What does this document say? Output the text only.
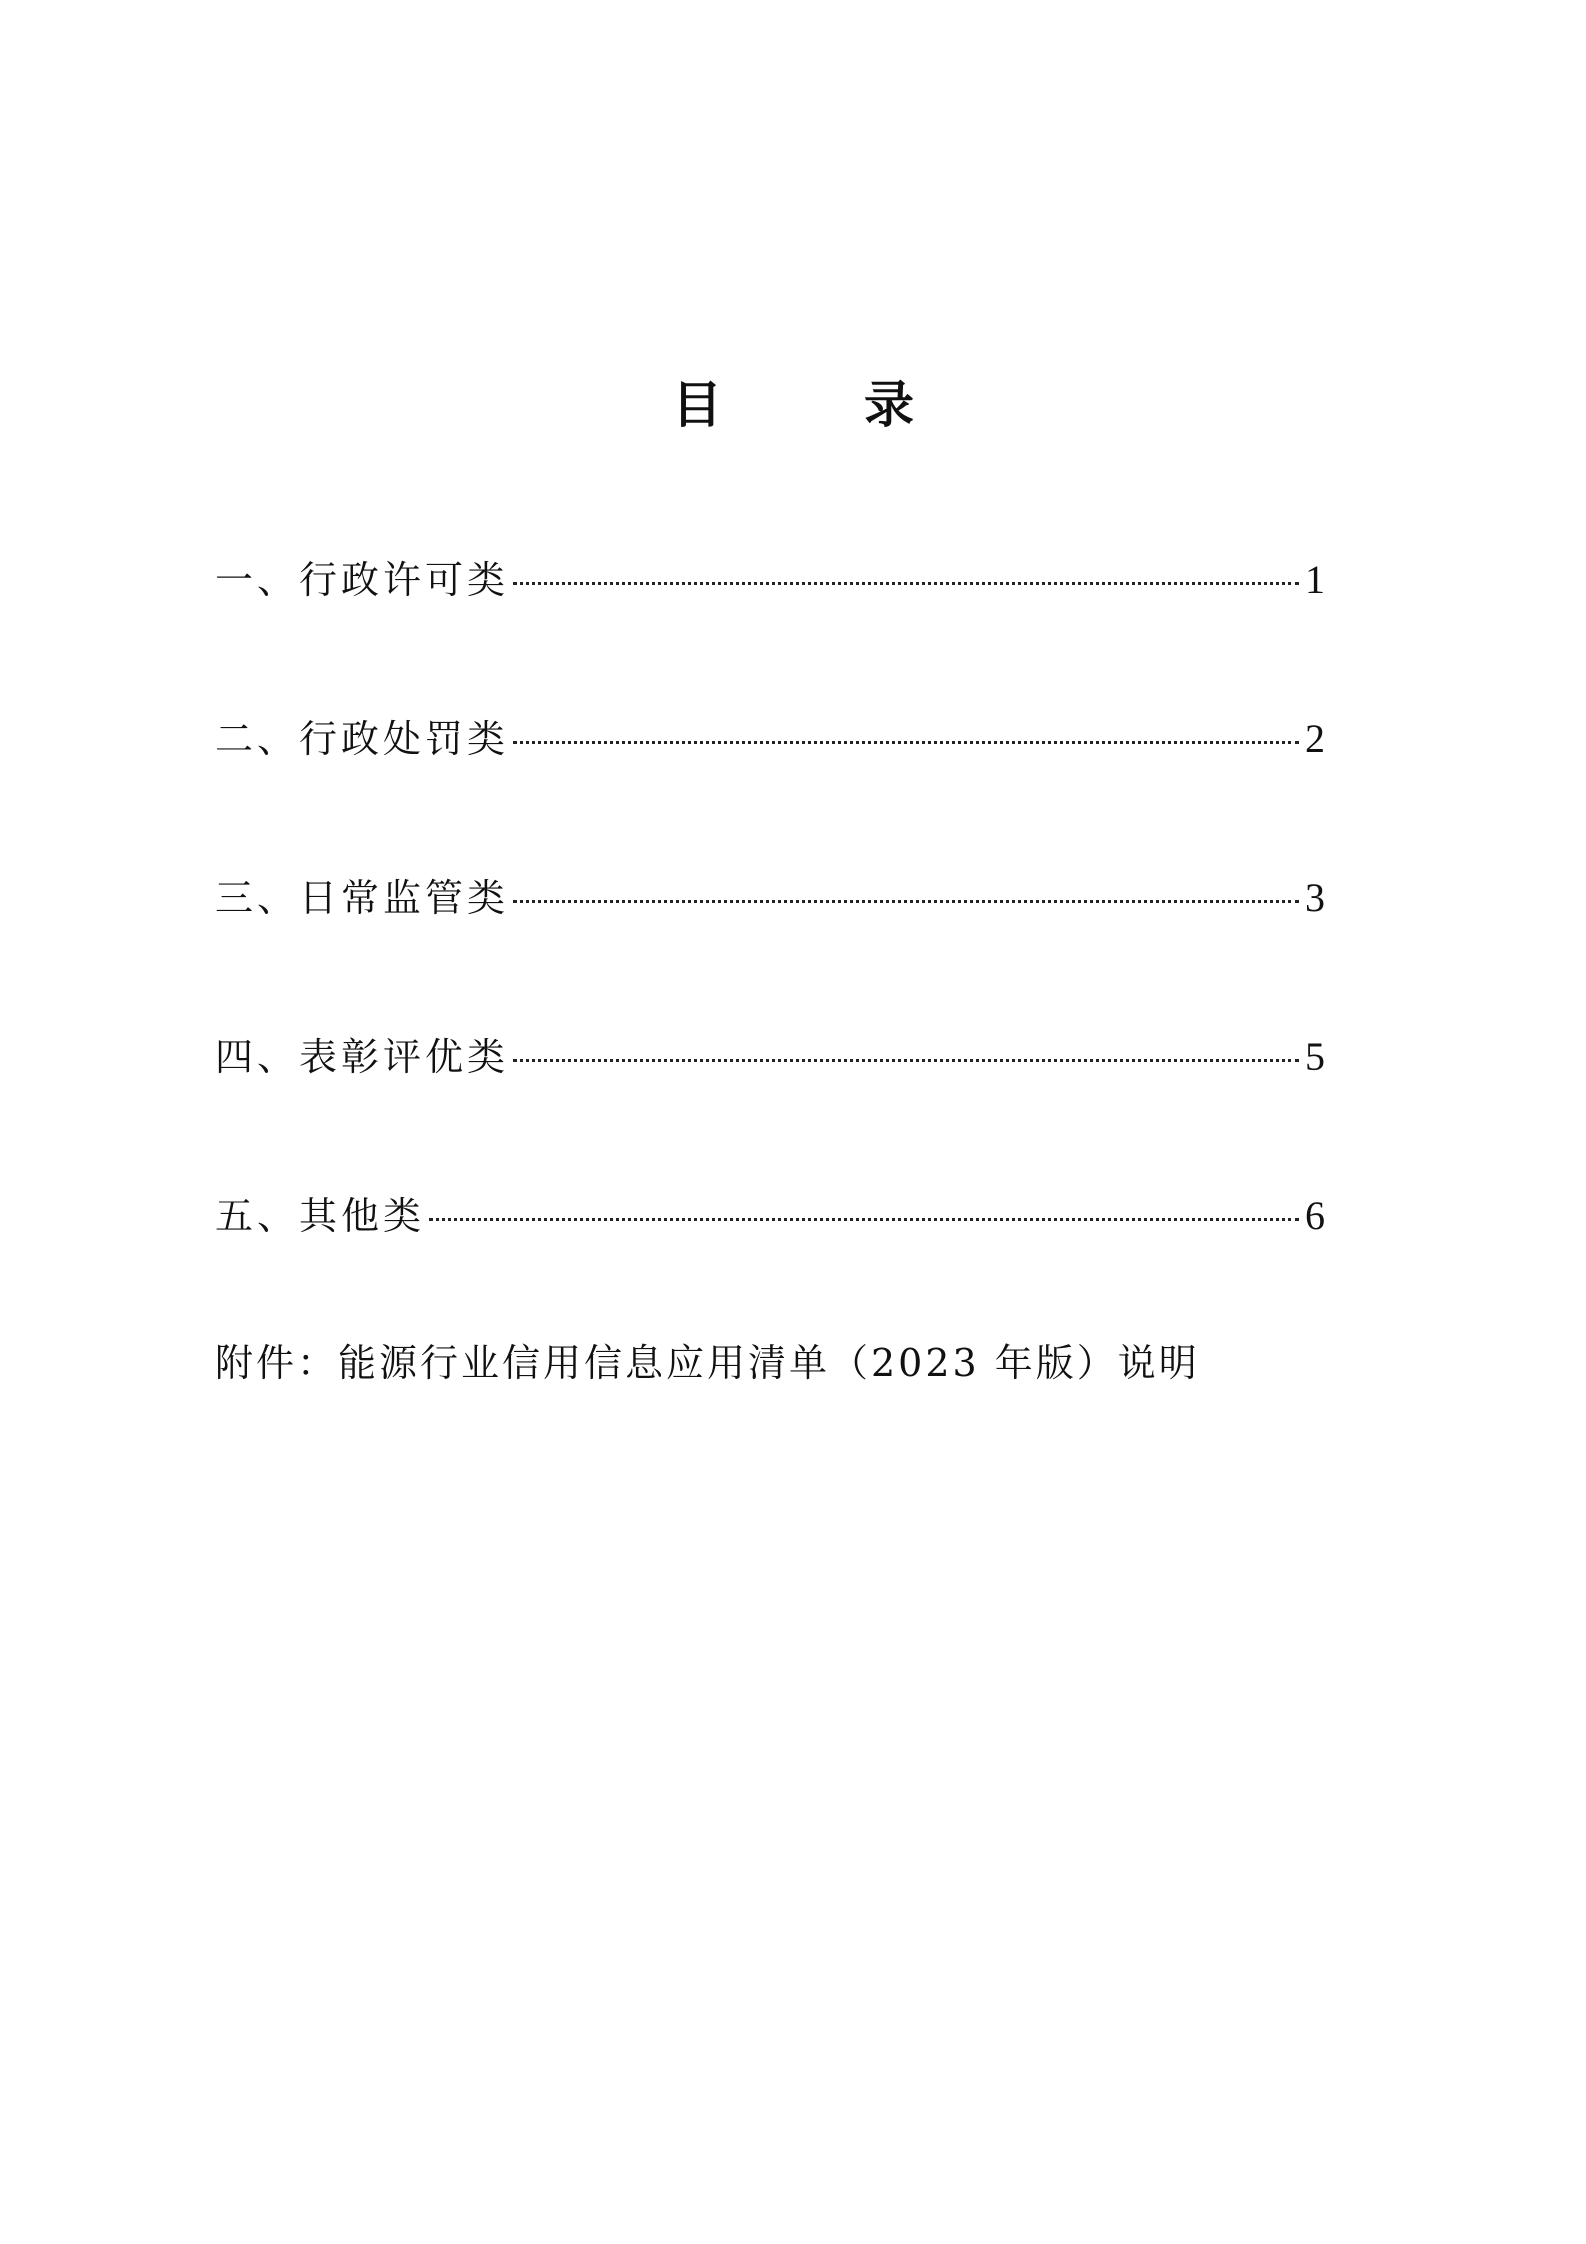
目　录
一、行政许可类	1
二、行政处罚类	2
三、日常监管类	3
四、表彰评优类	5
五、其他类	6

附件：能源行业信用信息应用清单（2023 年版）说明
